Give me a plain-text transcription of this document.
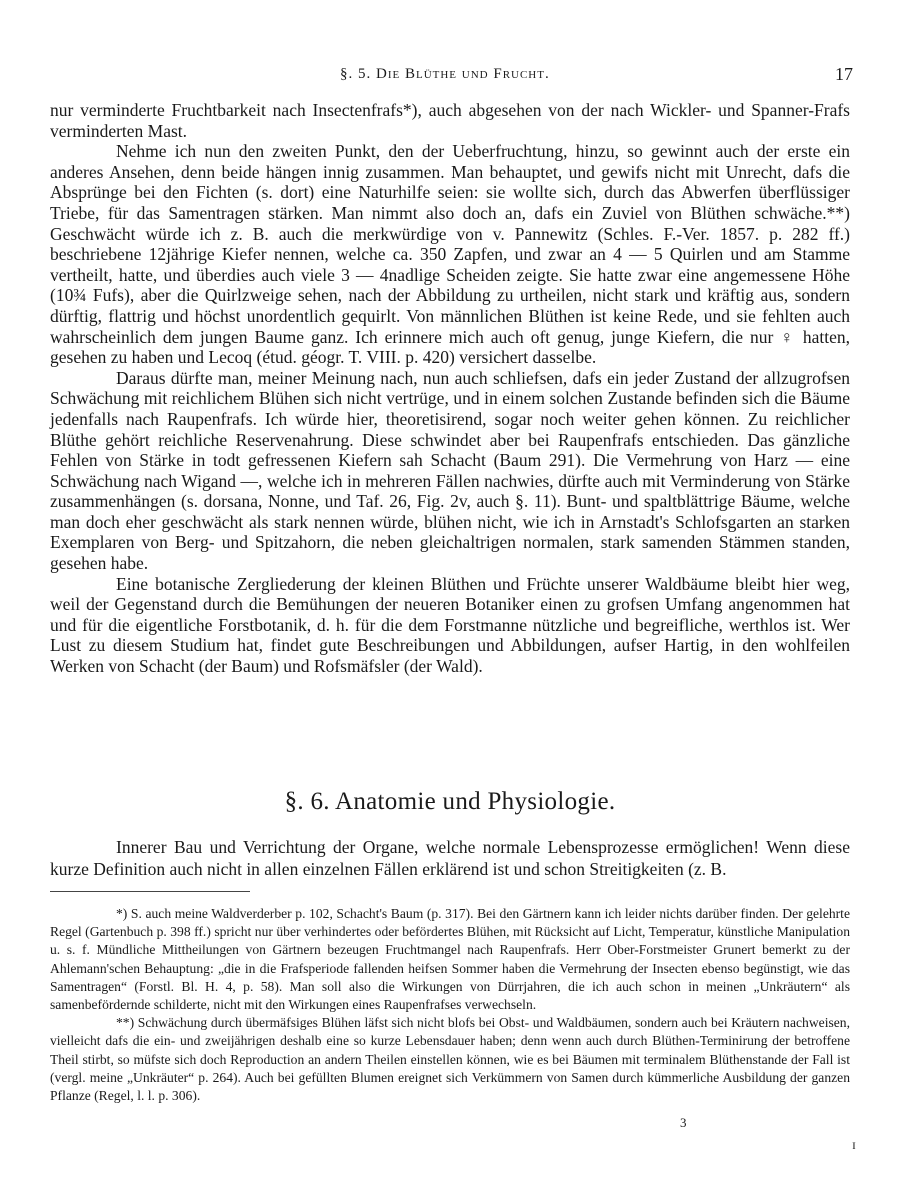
§. 5. Die Blüthe und Frucht.	17

nur verminderte Fruchtbarkeit nach Insectenfrafs*), auch abgesehen von der nach Wickler- und Spanner-Frafs verminderten Mast.

Nehme ich nun den zweiten Punkt, den der Ueberfruchtung, hinzu, so gewinnt auch der erste ein anderes Ansehen, denn beide hängen innig zusammen. Man behauptet, und gewifs nicht mit Unrecht, dafs die Absprünge bei den Fichten (s. dort) eine Naturhilfe seien: sie wollte sich, durch das Abwerfen überflüssiger Triebe, für das Samentragen stärken. Man nimmt also doch an, dafs ein Zuviel von Blüthen schwäche.**) Geschwächt würde ich z. B. auch die merkwürdige von v. Pannewitz (Schles. F.-Ver. 1857. p. 282 ff.) beschriebene 12jährige Kiefer nennen, welche ca. 350 Zapfen, und zwar an 4 — 5 Quirlen und am Stamme vertheilt, hatte, und überdies auch viele 3 — 4nadlige Scheiden zeigte. Sie hatte zwar eine angemessene Höhe (10¾ Fufs), aber die Quirlzweige sehen, nach der Abbildung zu urtheilen, nicht stark und kräftig aus, sondern dürftig, flattrig und höchst unordentlich gequirlt. Von männlichen Blüthen ist keine Rede, und sie fehlten auch wahrscheinlich dem jungen Baume ganz. Ich erinnere mich auch oft genug, junge Kiefern, die nur ♀ hatten, gesehen zu haben und Lecoq (étud. géogr. T. VIII. p. 420) versichert dasselbe.

Daraus dürfte man, meiner Meinung nach, nun auch schliefsen, dafs ein jeder Zustand der allzugrofsen Schwächung mit reichlichem Blühen sich nicht vertrüge, und in einem solchen Zustande befinden sich die Bäume jedenfalls nach Raupenfrafs. Ich würde hier, theoretisirend, sogar noch weiter gehen können. Zu reichlicher Blüthe gehört reichliche Reservenahrung. Diese schwindet aber bei Raupenfrafs entschieden. Das gänzliche Fehlen von Stärke in todt gefressenen Kiefern sah Schacht (Baum 291). Die Vermehrung von Harz — eine Schwächung nach Wigand —, welche ich in mehreren Fällen nachwies, dürfte auch mit Verminderung von Stärke zusammenhängen (s. dorsana, Nonne, und Taf. 26, Fig. 2v, auch §. 11). Bunt- und spaltblättrige Bäume, welche man doch eher geschwächt als stark nennen würde, blühen nicht, wie ich in Arnstadt's Schlofsgarten an starken Exemplaren von Berg- und Spitzahorn, die neben gleichaltrigen normalen, stark samenden Stämmen standen, gesehen habe.

Eine botanische Zergliederung der kleinen Blüthen und Früchte unserer Waldbäume bleibt hier weg, weil der Gegenstand durch die Bemühungen der neueren Botaniker einen zu grofsen Umfang angenommen hat und für die eigentliche Forstbotanik, d. h. für die dem Forstmanne nützliche und begreifliche, werthlos ist. Wer Lust zu diesem Studium hat, findet gute Beschreibungen und Abbildungen, aufser Hartig, in den wohlfeilen Werken von Schacht (der Baum) und Rofsmäfsler (der Wald).

§. 6. Anatomie und Physiologie.

Innerer Bau und Verrichtung der Organe, welche normale Lebensprozesse ermöglichen! Wenn diese kurze Definition auch nicht in allen einzelnen Fällen erklärend ist und schon Streitigkeiten (z. B.

*) S. auch meine Waldverderber p. 102, Schacht's Baum (p. 317). Bei den Gärtnern kann ich leider nichts darüber finden. Der gelehrte Regel (Gartenbuch p. 398 ff.) spricht nur über verhindertes oder befördertes Blühen, mit Rücksicht auf Licht, Temperatur, künstliche Manipulation u. s. f. Mündliche Mittheilungen von Gärtnern bezeugen Fruchtmangel nach Raupenfrafs. Herr Ober-Forstmeister Grunert bemerkt zu der Ahlemann'schen Behauptung: „die in die Frafsperiode fallenden heifsen Sommer haben die Vermehrung der Insecten ebenso begünstigt, wie das Samentragen“ (Forstl. Bl. H. 4, p. 58). Man soll also die Wirkungen von Dürrjahren, die ich auch schon in meinen „Unkräutern“ als samenbefördernde schilderte, nicht mit den Wirkungen eines Raupenfrafses verwechseln.

**) Schwächung durch übermäfsiges Blühen läfst sich nicht blofs bei Obst- und Waldbäumen, sondern auch bei Kräutern nachweisen, vielleicht dafs die ein- und zweijährigen deshalb eine so kurze Lebensdauer haben; denn wenn auch durch Blüthen-Terminirung der betroffene Theil stirbt, so müfste sich doch Reproduction an andern Theilen einstellen können, wie es bei Bäumen mit terminalem Blüthenstande der Fall ist (vergl. meine „Unkräuter“ p. 264). Auch bei gefüllten Blumen ereignet sich Verkümmern von Samen durch kümmerliche Ausbildung der ganzen Pflanze (Regel, l. l. p. 306).

3
ɪ
